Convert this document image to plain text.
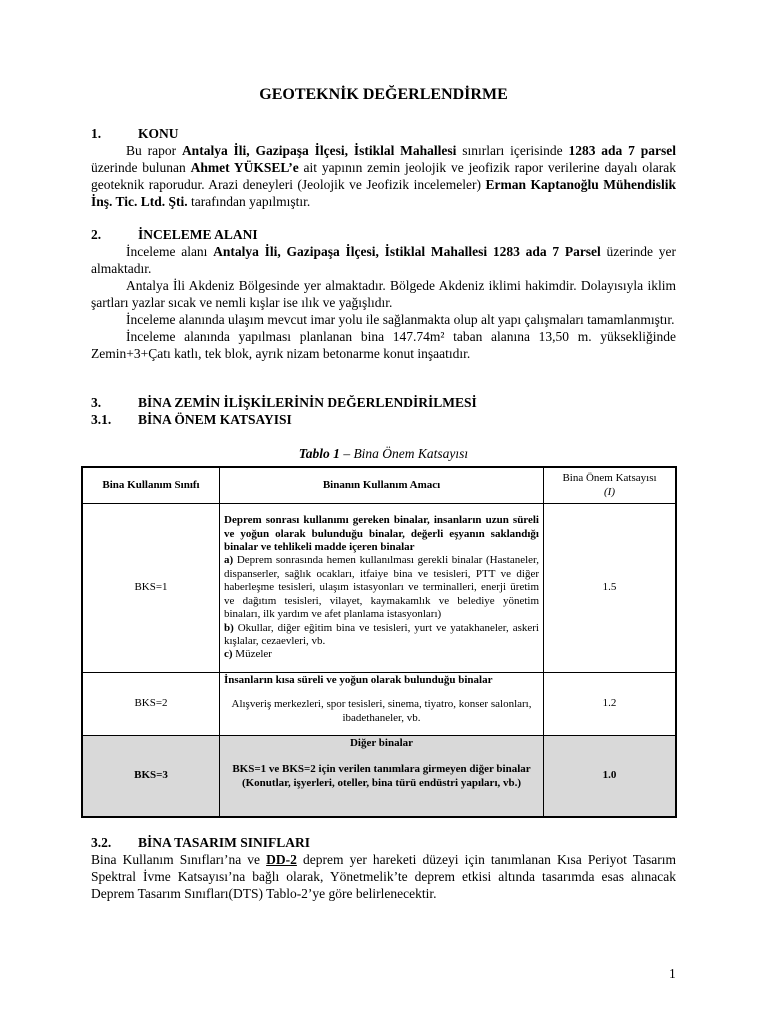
GEOTEKNİK DEĞERLENDİRME
1.	KONU

Bu rapor Antalya İli, Gazipaşa İlçesi, İstiklal Mahallesi sınırları içerisinde 1283 ada 7 parsel üzerinde bulunan Ahmet YÜKSEL’e ait yapının zemin jeolojik ve jeofizik rapor verilerine dayalı olarak geoteknik raporudur. Arazi deneyleri (Jeolojik ve Jeofizik incelemeler) Erman Kaptanoğlu Mühendislik İnş. Tic. Ltd. Şti. tarafından yapılmıştır.

2.	İNCELEME ALANI

İnceleme alanı Antalya İli, Gazipaşa İlçesi, İstiklal Mahallesi 1283 ada 7 Parsel üzerinde yer almaktadır.

Antalya İli Akdeniz Bölgesinde yer almaktadır. Bölgede Akdeniz iklimi hakimdir. Dolayısıyla iklim şartları yazlar sıcak ve nemli kışlar ise ılık ve yağışlıdır.

İnceleme alanında ulaşım mevcut imar yolu ile sağlanmakta olup alt yapı çalışmaları tamamlanmıştır.

İnceleme alanında yapılması planlanan bina 147.74m² taban alanına 13,50 m. yüksekliğinde Zemin+3+Çatı katlı, tek blok, ayrık nizam betonarme konut inşaatıdır.

3.	BİNA ZEMİN İLİŞKİLERİNİN DEĞERLENDİRİLMESİ
3.1. BİNA ÖNEM KATSAYISI
Tablo 1 – Bina Önem Katsayısı
Bina Kullanım Sınıfı	Binanın Kullanım Amacı	Bina Önem Katsayısı
(I)

BKS=1	Deprem sonrası kullanımı gereken binalar, insanların uzun süreli ve yoğun olarak bulunduğu binalar, değerli eşyanın saklandığı binalar ve tehlikeli madde içeren binalar
a) Deprem sonrasında hemen kullanılması gerekli binalar (Hastaneler, dispanserler, sağlık ocakları, itfaiye bina ve tesisleri, PTT ve diğer haberleşme tesisleri, ulaşım istasyonları ve terminalleri, enerji üretim ve dağıtım tesisleri, vilayet, kaymakamlık ve belediye yönetim binaları, ilk yardım ve afet planlama istasyonları)
b) Okullar, diğer eğitim bina ve tesisleri, yurt ve yatakhaneler, askeri kışlalar, cezaevleri, vb.
c) Müzeler	1.5
BKS=2	İnsanların kısa süreli ve yoğun olarak bulunduğu binalar
Alışveriş merkezleri, spor tesisleri, sinema, tiyatro, konser salonları, ibadethaneler, vb.	1.2
BKS=3	Diğer binalar
BKS=1 ve BKS=2 için verilen tanımlara girmeyen diğer binalar (Konutlar, işyerleri, oteller, bina türü endüstri yapıları, vb.)	1.0
3.2. BİNA TASARIM SINIFLARI

Bina Kullanım Sınıfları’na ve DD-2 deprem yer hareketi düzeyi için tanımlanan Kısa Periyot Tasarım Spektral İvme Katsayısı’na bağlı olarak, Yönetmelik’te deprem etkisi altında tasarımda esas alınacak Deprem Tasarım Sınıfları(DTS) Tablo-2’ye göre belirlenecektir.

1
